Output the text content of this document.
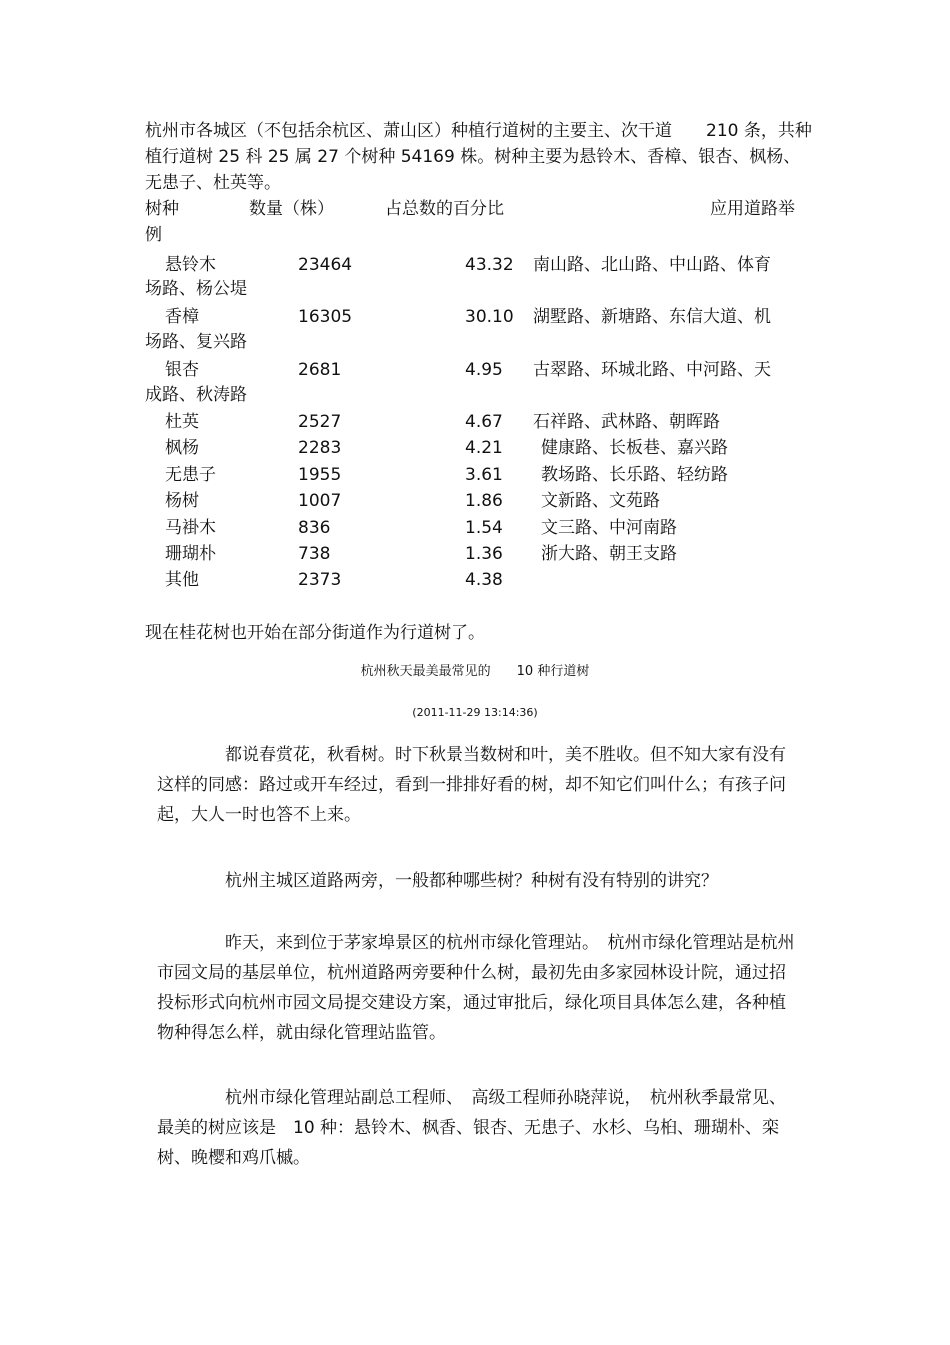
杭州市各城区（不包括余杭区、萧山区）种植行道树的主要主、次干道　　210 条，共种植行道树 25 科 25 属 27 个树种 54169 株。树种主要为悬铃木、香樟、银杏、枫杨、无患子、杜英等。

树种	数量（株）	占总数的百分比	应用道路举
例
悬铃木	23464	43.32 南山路、北山路、中山路、体育
场路、杨公堤
香樟	16305	30.10 湖墅路、新塘路、东信大道、机
场路、复兴路
银杏	2681	4.95 古翠路、环城北路、中河路、天
成路、秋涛路
杜英	2527	4.67 石祥路、武林路、朝晖路
枫杨	2283	4.21 健康路、长板巷、嘉兴路
无患子	1955	3.61 教场路、长乐路、轻纺路
杨树	1007	1.86 文新路、文苑路
马褂木	836	1.54 文三路、中河南路
珊瑚朴	738	1.36 浙大路、朝王支路
其他	2373	4.38

现在桂花树也开始在部分街道作为行道树了。

杭州秋天最美最常见的　　10 种行道树
(2011-11-29 13:14:36)

都说春赏花，秋看树。时下秋景当数树和叶，美不胜收。但不知大家有没有这样的同感：路过或开车经过，看到一排排好看的树，却不知它们叫什么；有孩子问起，大人一时也答不上来。

杭州主城区道路两旁，一般都种哪些树？种树有没有特别的讲究？

昨天，来到位于茅家埠景区的杭州市绿化管理站。　杭州市绿化管理站是杭州市园文局的基层单位，杭州道路两旁要种什么树，最初先由多家园林设计院，通过招投标形式向杭州市园文局提交建设方案，通过审批后，绿化项目具体怎么建，各种植物种得怎么样，就由绿化管理站监管。

杭州市绿化管理站副总工程师、　高级工程师孙晓萍说，　杭州秋季最常见、最美的树应该是　10 种：悬铃木、枫香、银杏、无患子、水杉、乌桕、珊瑚朴、栾树、晚樱和鸡爪槭。
